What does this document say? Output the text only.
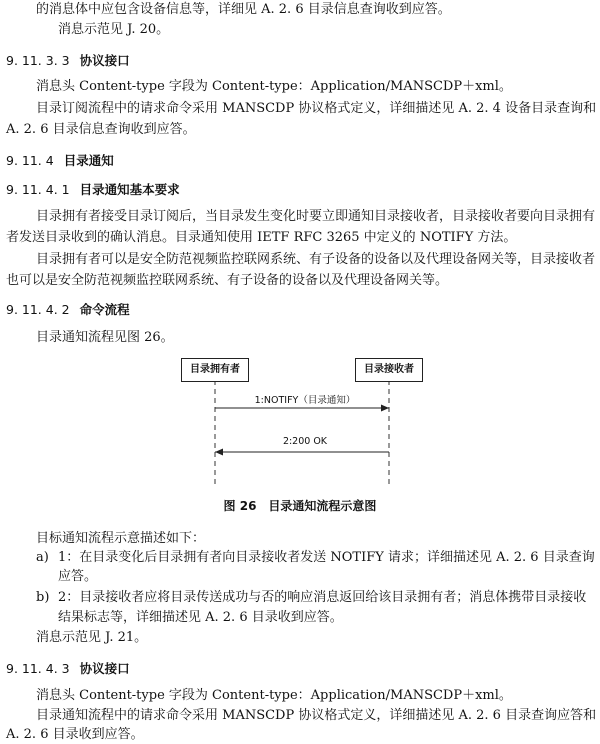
的消息体中应包含设备信息等，详细见 A. 2. 6 目录信息查询收到应答。
消息示范见 J. 20。
9. 11. 3. 3 协议接口
消息头 Content-type 字段为 Content-type：Application/MANSCDP＋xml。
目录订阅流程中的请求命令采用 MANSCDP 协议格式定义，详细描述见 A. 2. 4 设备目录查询和
A. 2. 6 目录信息查询收到应答。
9. 11. 4 目录通知
9. 11. 4. 1 目录通知基本要求
目录拥有者接受目录订阅后，当目录发生变化时要立即通知目录接收者，目录接收者要向目录拥有
者发送目录收到的确认消息。目录通知使用 IETF RFC 3265 中定义的 NOTIFY 方法。
目录拥有者可以是安全防范视频监控联网系统、有子设备的设备以及代理设备网关等，目录接收者
也可以是安全防范视频监控联网系统、有子设备的设备以及代理设备网关等。
9. 11. 4. 2 命令流程
目录通知流程见图 26。
目录拥有者	目录接收者
1:NOTIFY（目录通知）
2:200 OK
图 26　目录通知流程示意图
目标通知流程示意描述如下：
a) 1：在目录变化后目录拥有者向目录接收者发送 NOTIFY 请求；详细描述见 A. 2. 6 目录查询
应答。
b) 2：目录接收者应将目录传送成功与否的响应消息返回给该目录拥有者；消息体携带目录接收
结果标志等，详细描述见 A. 2. 6 目录收到应答。
消息示范见 J. 21。
9. 11. 4. 3 协议接口
消息头 Content-type 字段为 Content-type：Application/MANSCDP＋xml。
目录通知流程中的请求命令采用 MANSCDP 协议格式定义，详细描述见 A. 2. 6 目录查询应答和
A. 2. 6 目录收到应答。
